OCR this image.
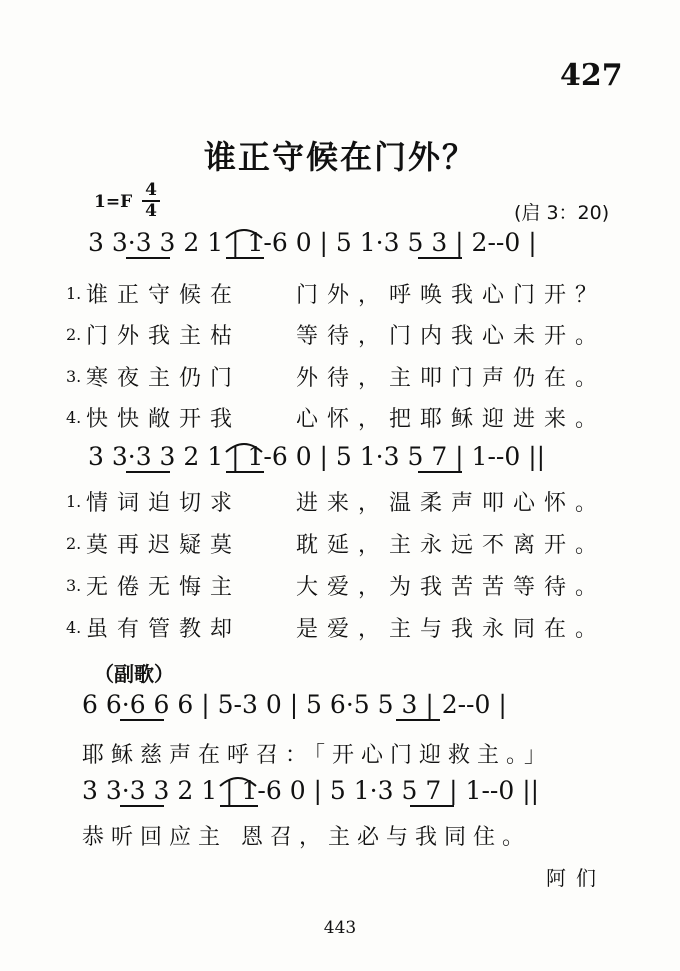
427
谁正守候在门外？
1=F
4
4	(启 3：20)
3 3·3 3 2 1 | 1-6 0 | 5 1·3 5 3 | 2--0 |
1. 谁正守候在 门外，呼唤我心门开？
2. 门外我主枯 等待，门内我心未开。
3. 寒夜主仍门 外待，主叩门声仍在。
4. 快快敞开我 心怀，把耶稣迎进来。
3 3·3 3 2 1 | 1-6 0 | 5 1·3 5 7 | 1--0 ||
1. 情词迫切求 进来，温柔声叩心怀。
2. 莫再迟疑莫 耽延，主永远不离开。
3. 无倦无悔主 大爱，为我苦苦等待。
4. 虽有管教却 是爱，主与我永同在。
（副歌）
6 6·6 6 6 | 5-3 0 | 5 6·5 5 3 | 2--0 |
耶稣慈声在呼召：「开心门迎救主。」
3 3·3 3 2 1 | 1-6 0 | 5 1·3 5 7 | 1--0 ||
恭听回应主 恩召，主必与我同住。
阿们
443
